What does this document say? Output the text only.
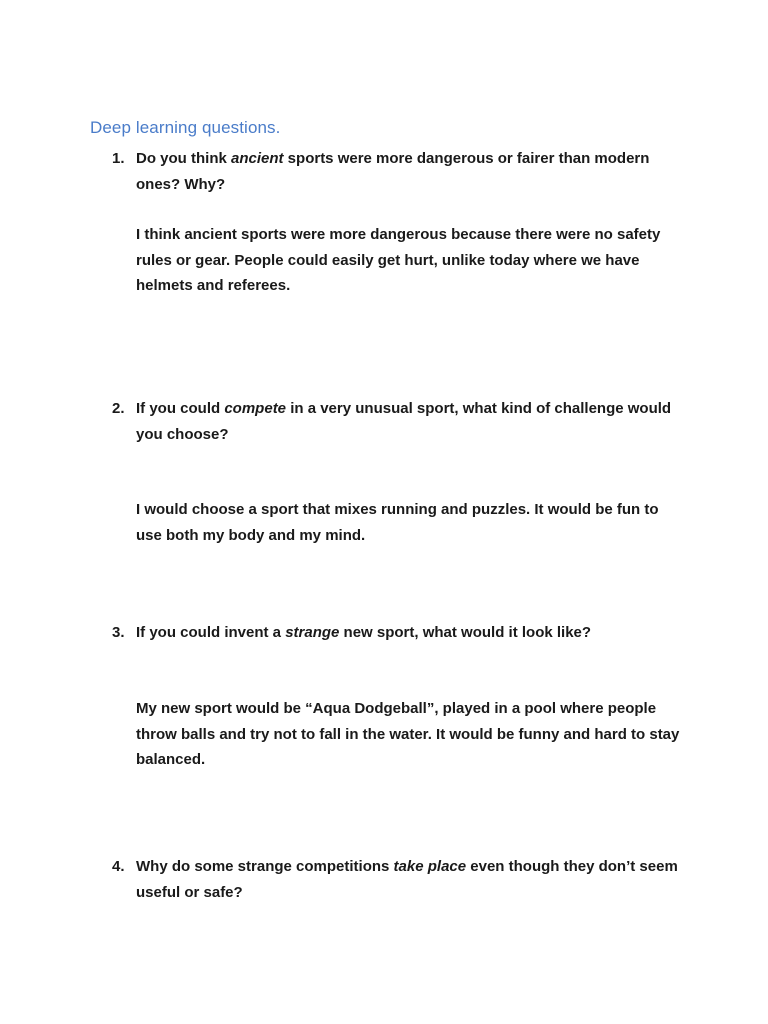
Deep learning questions.
1. Do you think ancient sports were more dangerous or fairer than modern ones? Why?

I think ancient sports were more dangerous because there were no safety rules or gear. People could easily get hurt, unlike today where we have helmets and referees.

2. If you could compete in a very unusual sport, what kind of challenge would you choose?

I would choose a sport that mixes running and puzzles. It would be fun to use both my body and my mind.

3. If you could invent a strange new sport, what would it look like?

My new sport would be “Aqua Dodgeball”, played in a pool where people throw balls and try not to fall in the water. It would be funny and hard to stay balanced.

4. Why do some strange competitions take place even though they don’t seem useful or safe?
